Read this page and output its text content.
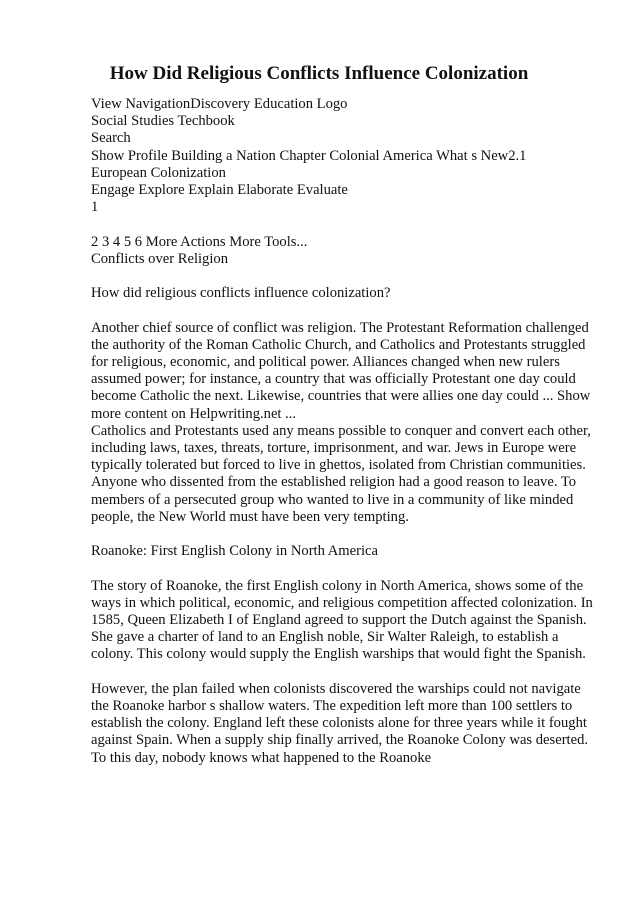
How Did Religious Conflicts Influence Colonization
View NavigationDiscovery Education Logo
Social Studies Techbook
Search
Show Profile Building a Nation Chapter Colonial America What s New2.1
European Colonization
Engage Explore Explain Elaborate Evaluate
1
2 3 4 5 6 More Actions More Tools...
Conflicts over Religion
How did religious conflicts influence colonization?
Another chief source of conflict was religion. The Protestant Reformation challenged
the authority of the Roman Catholic Church, and Catholics and Protestants struggled
for religious, economic, and political power. Alliances changed when new rulers
assumed power; for instance, a country that was officially Protestant one day could
become Catholic the next. Likewise, countries that were allies one day could ... Show
more content on Helpwriting.net ...
Catholics and Protestants used any means possible to conquer and convert each other,
including laws, taxes, threats, torture, imprisonment, and war. Jews in Europe were
typically tolerated but forced to live in ghettos, isolated from Christian communities.
Anyone who dissented from the established religion had a good reason to leave. To
members of a persecuted group who wanted to live in a community of like minded
people, the New World must have been very tempting.
Roanoke: First English Colony in North America
The story of Roanoke, the first English colony in North America, shows some of the
ways in which political, economic, and religious competition affected colonization. In
1585, Queen Elizabeth I of England agreed to support the Dutch against the Spanish.
She gave a charter of land to an English noble, Sir Walter Raleigh, to establish a
colony. This colony would supply the English warships that would fight the Spanish.
However, the plan failed when colonists discovered the warships could not navigate
the Roanoke harbor s shallow waters. The expedition left more than 100 settlers to
establish the colony. England left these colonists alone for three years while it fought
against Spain. When a supply ship finally arrived, the Roanoke Colony was deserted.
To this day, nobody knows what happened to the Roanoke
